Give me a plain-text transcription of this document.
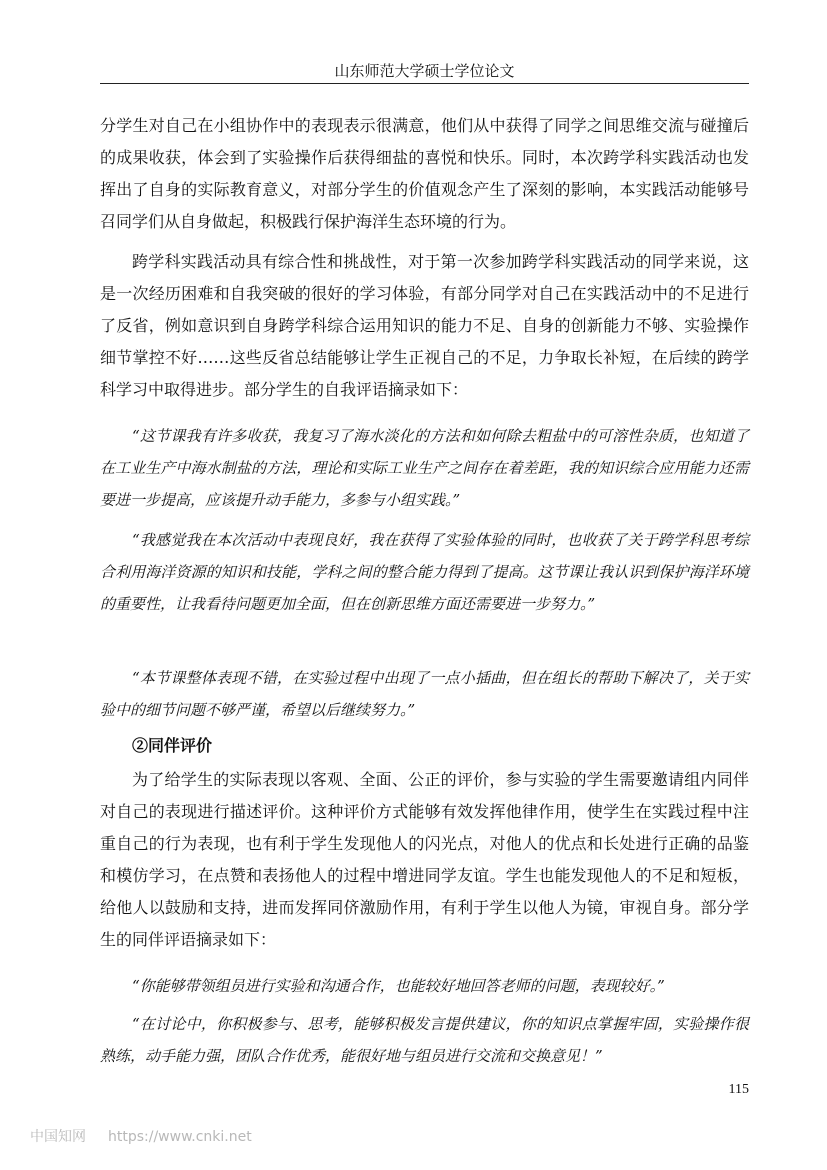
山东师范大学硕士学位论文

分学生对自己在小组协作中的表现表示很满意，他们从中获得了同学之间思维交流与碰撞后的成果收获，体会到了实验操作后获得细盐的喜悦和快乐。同时，本次跨学科实践活动也发挥出了自身的实际教育意义，对部分学生的价值观念产生了深刻的影响，本实践活动能够号召同学们从自身做起，积极践行保护海洋生态环境的行为。

跨学科实践活动具有综合性和挑战性，对于第一次参加跨学科实践活动的同学来说，这是一次经历困难和自我突破的很好的学习体验，有部分同学对自己在实践活动中的不足进行了反省，例如意识到自身跨学科综合运用知识的能力不足、自身的创新能力不够、实验操作细节掌控不好……这些反省总结能够让学生正视自己的不足，力争取长补短，在后续的跨学科学习中取得进步。部分学生的自我评语摘录如下：

“这节课我有许多收获，我复习了海水淡化的方法和如何除去粗盐中的可溶性杂质，也知道了在工业生产中海水制盐的方法，理论和实际工业生产之间存在着差距，我的知识综合应用能力还需要进一步提高，应该提升动手能力，多参与小组实践。”

“我感觉我在本次活动中表现良好，我在获得了实验体验的同时，也收获了关于跨学科思考综合利用海洋资源的知识和技能，学科之间的整合能力得到了提高。这节课让我认识到保护海洋环境的重要性，让我看待问题更加全面，但在创新思维方面还需要进一步努力。”

“本节课整体表现不错，在实验过程中出现了一点小插曲，但在组长的帮助下解决了，关于实验中的细节问题不够严谨，希望以后继续努力。”

②同伴评价

为了给学生的实际表现以客观、全面、公正的评价，参与实验的学生需要邀请组内同伴对自己的表现进行描述评价。这种评价方式能够有效发挥他律作用，使学生在实践过程中注重自己的行为表现，也有利于学生发现他人的闪光点，对他人的优点和长处进行正确的品鉴和模仿学习，在点赞和表扬他人的过程中增进同学友谊。学生也能发现他人的不足和短板，给他人以鼓励和支持，进而发挥同侪激励作用，有利于学生以他人为镜，审视自身。部分学生的同伴评语摘录如下：

“你能够带领组员进行实验和沟通合作，也能较好地回答老师的问题，表现较好。”

“在讨论中，你积极参与、思考，能够积极发言提供建议，你的知识点掌握牢固，实验操作很熟练，动手能力强，团队合作优秀，能很好地与组员进行交流和交换意见！”

115
中国知网 https://www.cnki.net
